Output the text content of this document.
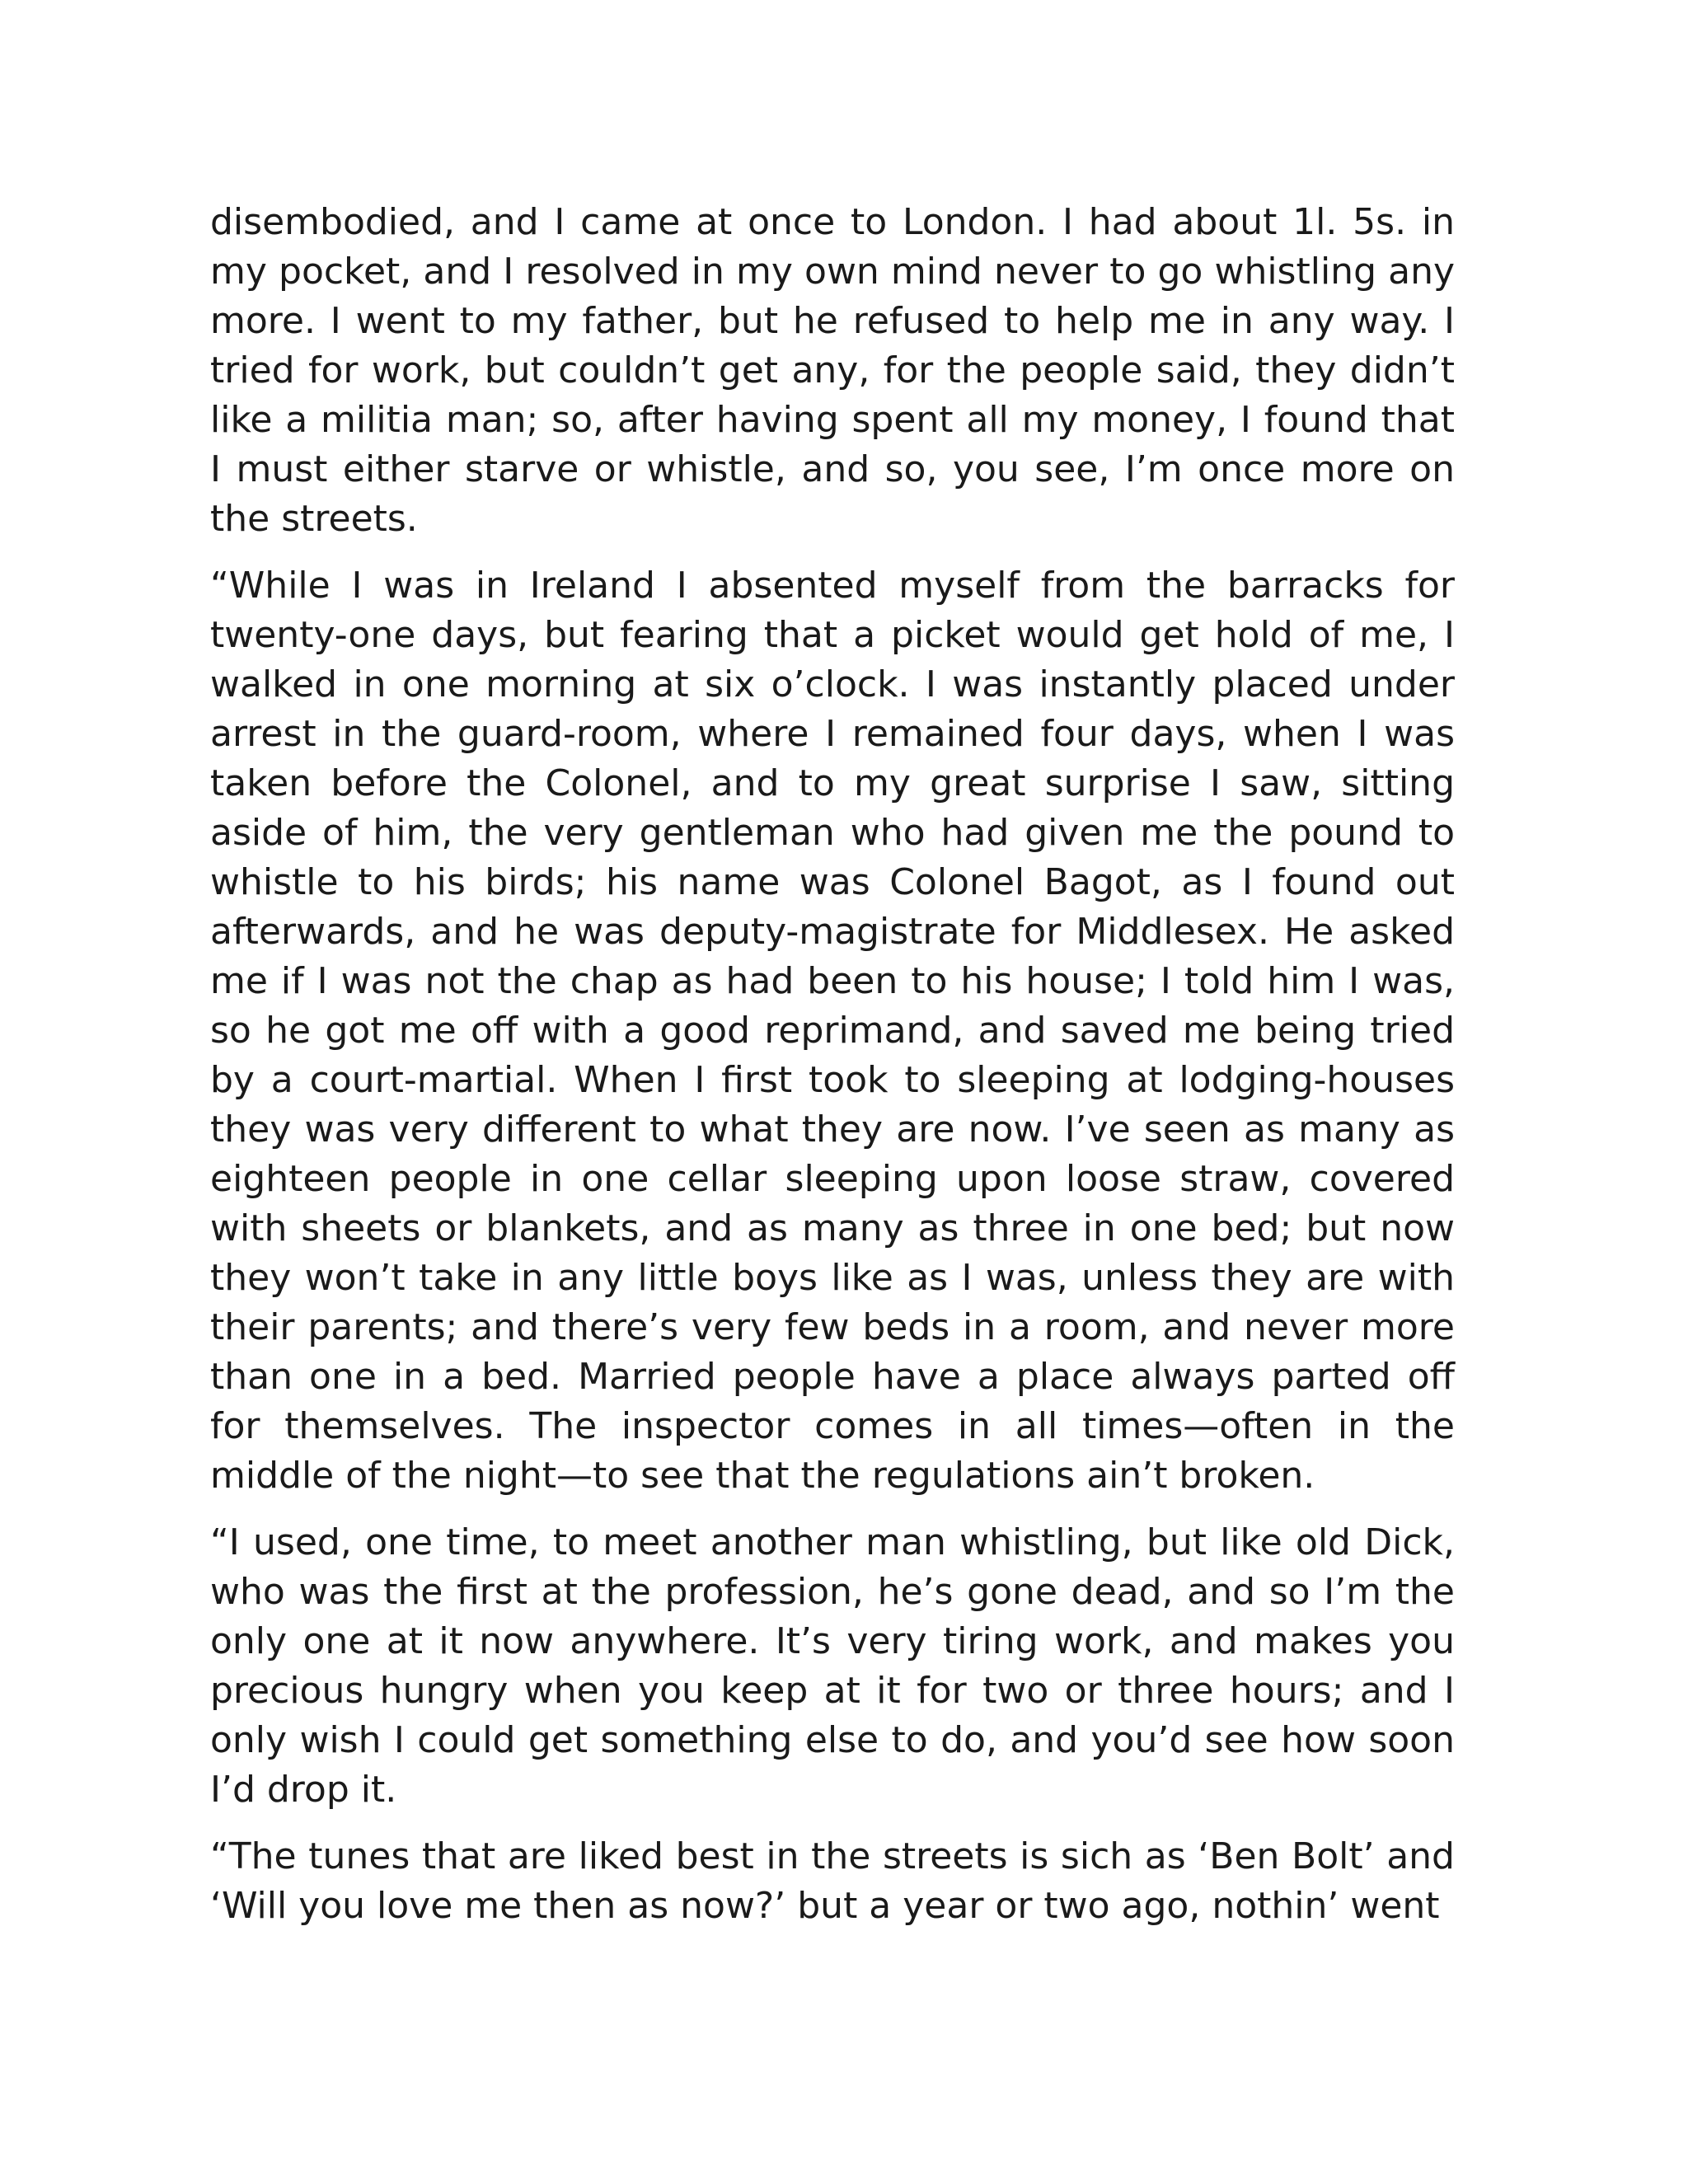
disembodied, and I came at once to London. I had about 1l. 5s. in my pocket, and I resolved in my own mind never to go whistling any more. I went to my father, but he refused to help me in any way. I tried for work, but couldn’t get any, for the people said, they didn’t like a militia man; so, after having spent all my money, I found that I must either starve or whistle, and so, you see, I’m once more on the streets.

“While I was in Ireland I absented myself from the barracks for twenty-one days, but fearing that a picket would get hold of me, I walked in one morning at six o’clock. I was instantly placed under arrest in the guard-room, where I remained four days, when I was taken before the Colonel, and to my great surprise I saw, sitting aside of him, the very gentleman who had given me the pound to whistle to his birds; his name was Colonel Bagot, as I found out afterwards, and he was deputy-magistrate for Middlesex. He asked me if I was not the chap as had been to his house; I told him I was, so he got me off with a good reprimand, and saved me being tried by a court-martial. When I first took to sleeping at lodging-houses they was very different to what they are now. I’ve seen as many as eighteen people in one cellar sleeping upon loose straw, covered with sheets or blankets, and as many as three in one bed; but now they won’t take in any little boys like as I was, unless they are with their parents; and there’s very few beds in a room, and never more than one in a bed. Married people have a place always parted off for themselves. The inspector comes in all times—often in the middle of the night—to see that the regulations ain’t broken.

“I used, one time, to meet another man whistling, but like old Dick, who was the first at the profession, he’s gone dead, and so I’m the only one at it now anywhere. It’s very tiring work, and makes you precious hungry when you keep at it for two or three hours; and I only wish I could get something else to do, and you’d see how soon I’d drop it.

“The tunes that are liked best in the streets is sich as ‘Ben Bolt’ and ‘Will you love me then as now?’ but a year or two ago, nothin’ went
